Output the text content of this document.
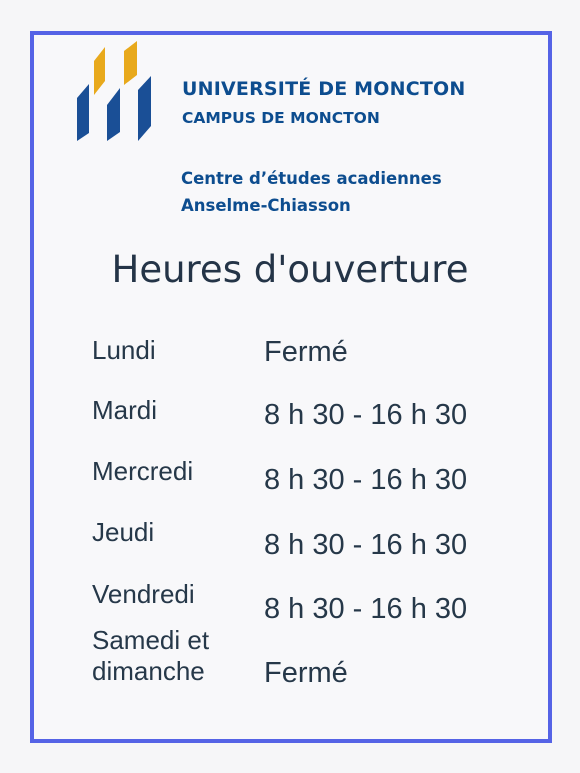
UNIVERSITÉ DE MONCTON
CAMPUS DE MONCTON
Centre d’études acadiennes
Anselme-Chiasson
Heures d'ouverture
Lundi	Fermé
Mardi	8 h 30 - 16 h 30
Mercredi 8 h 30 - 16 h 30
Jeudi	8 h 30 - 16 h 30
Vendredi 8 h 30 - 16 h 30
Samedi et
dimanche Fermé
